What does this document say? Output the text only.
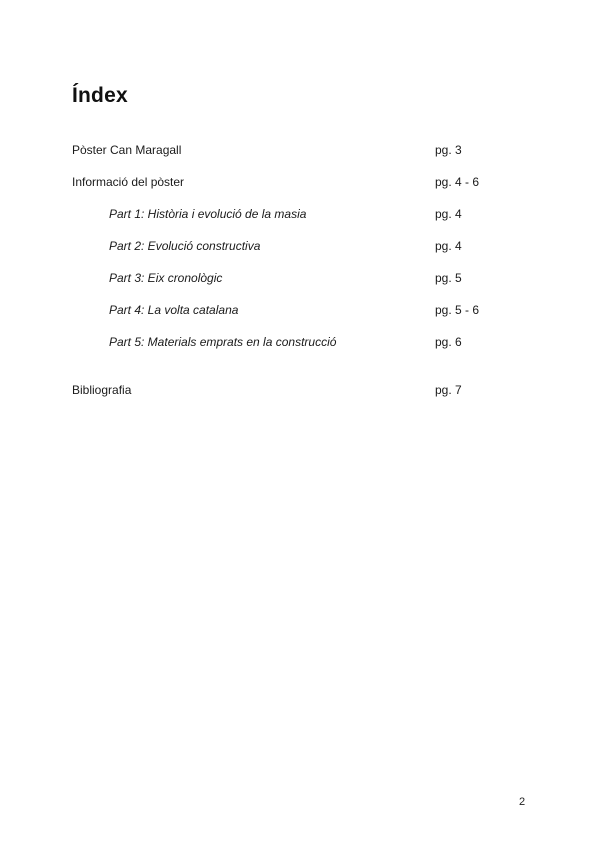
Índex
Pòster Can Maragall	pg. 3
Informació del pòster	pg. 4 - 6
Part 1: Història i evolució de la masia	pg. 4
Part 2: Evolució constructiva	pg. 4
Part 3: Eix cronològic	pg. 5
Part 4: La volta catalana	pg. 5 - 6
Part 5: Materials emprats en la construcció	pg. 6
Bibliografia	pg. 7
2
